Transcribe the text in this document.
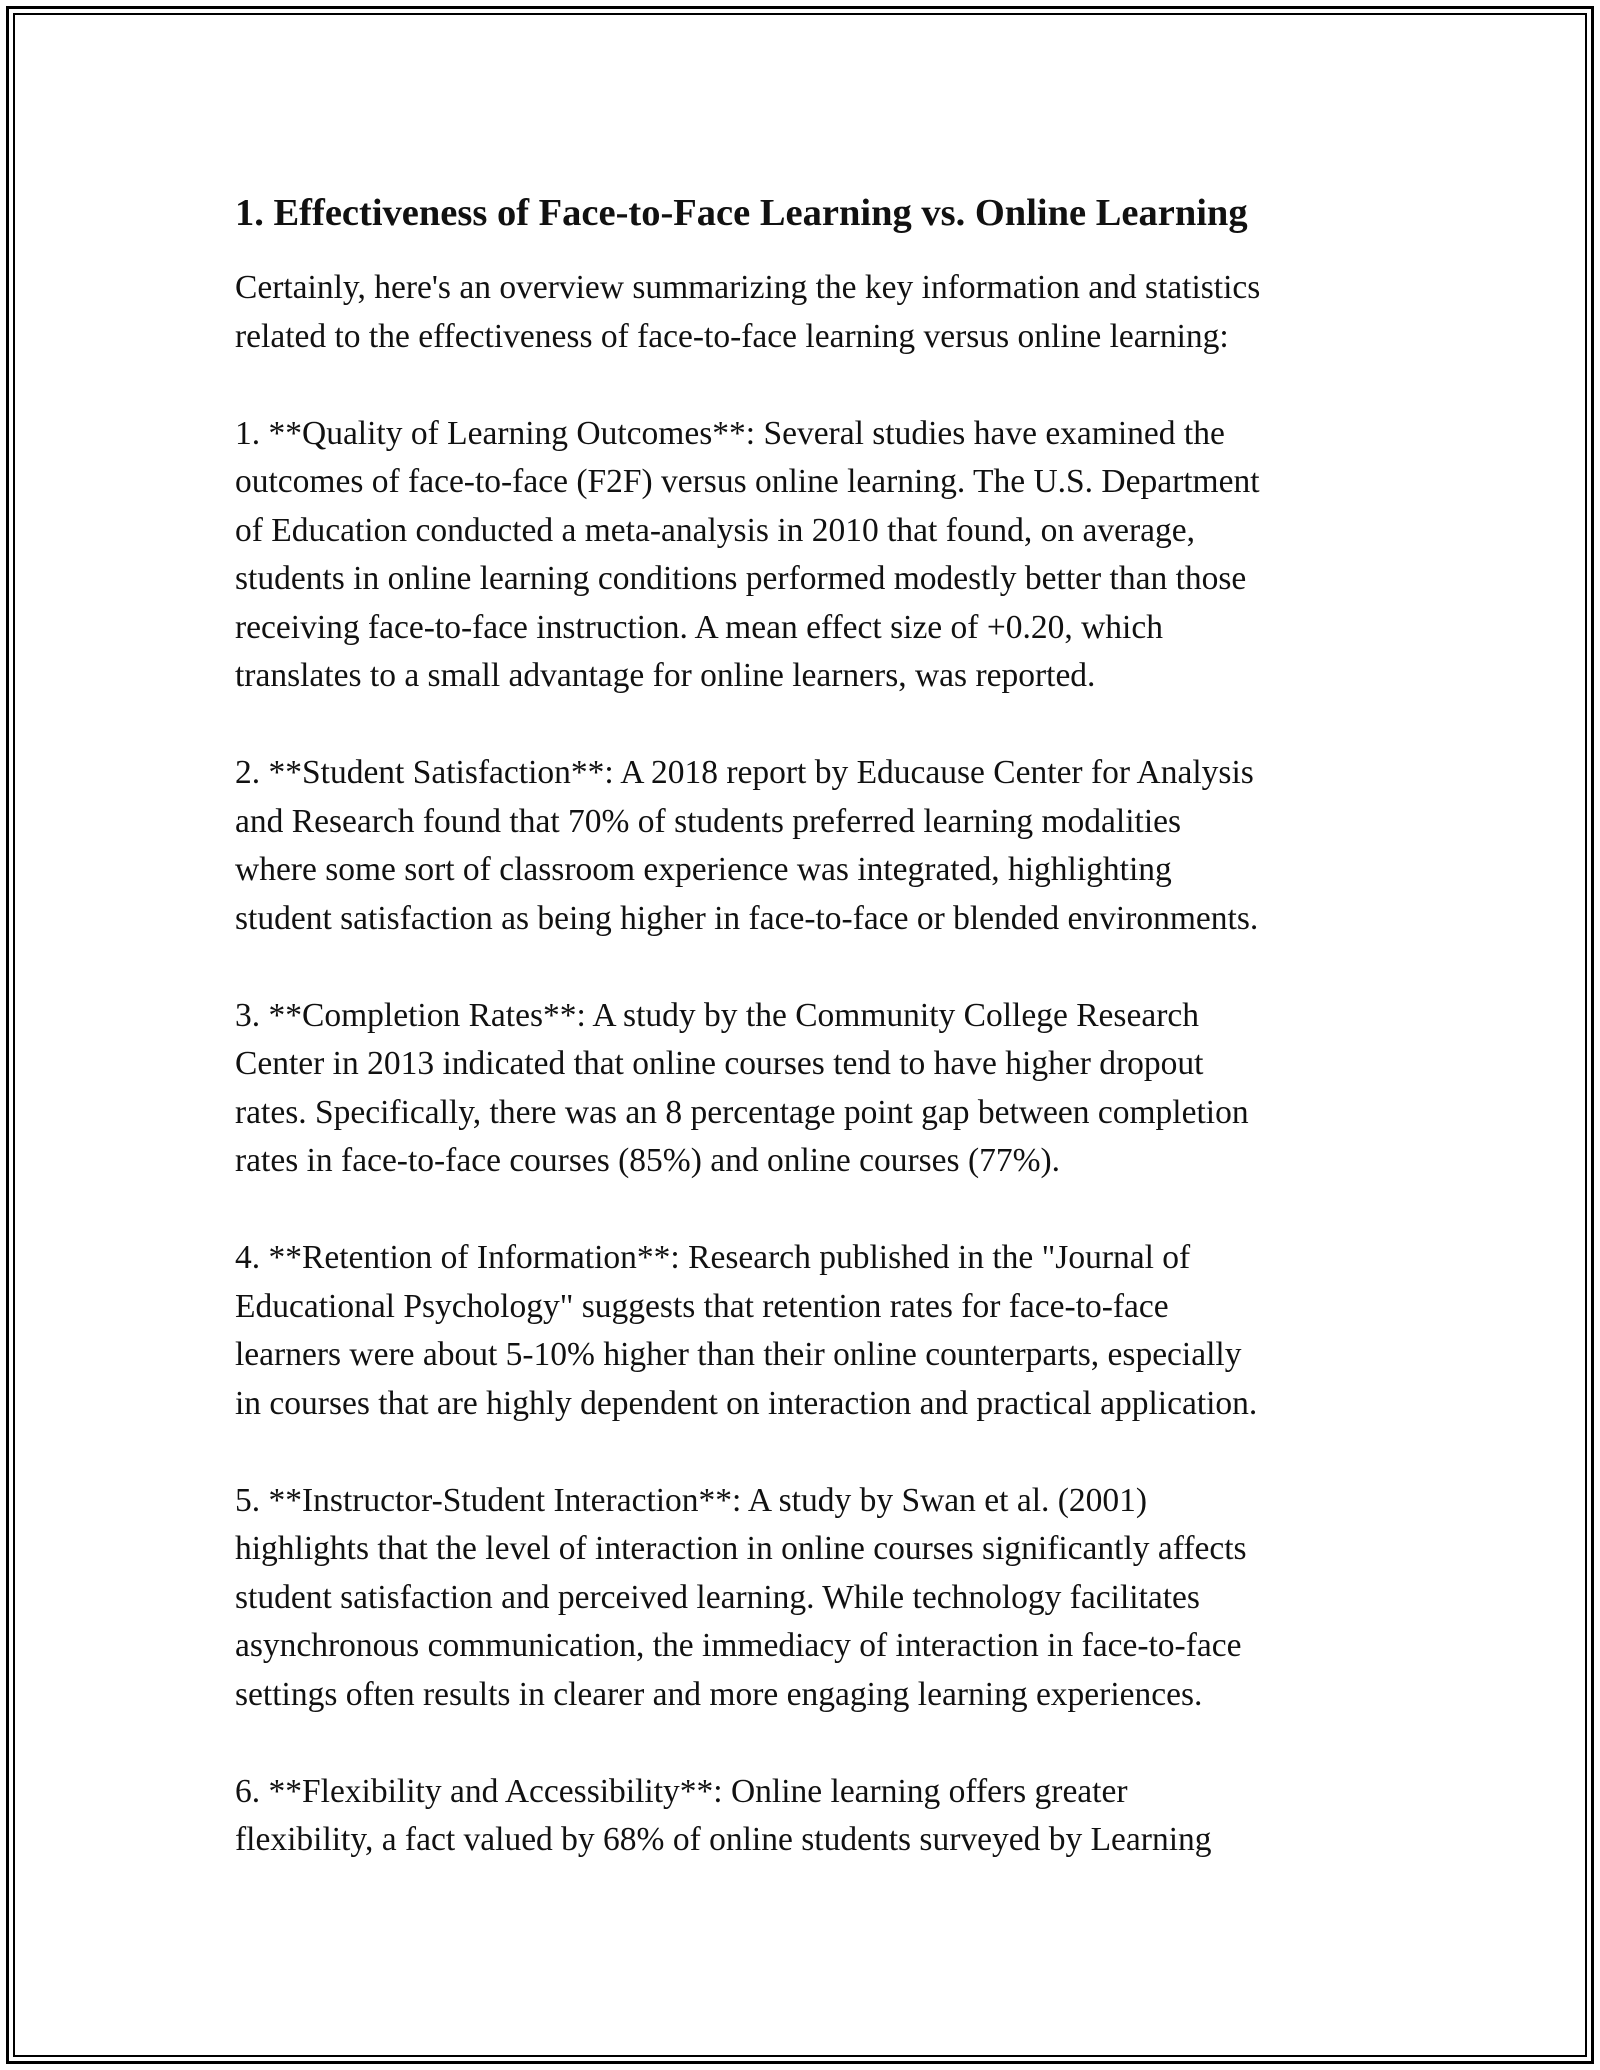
1. Effectiveness of Face-to-Face Learning vs. Online Learning

Certainly, here's an overview summarizing the key information and statistics
related to the effectiveness of face-to-face learning versus online learning:

1. **Quality of Learning Outcomes**: Several studies have examined the
outcomes of face-to-face (F2F) versus online learning. The U.S. Department
of Education conducted a meta-analysis in 2010 that found, on average,
students in online learning conditions performed modestly better than those
receiving face-to-face instruction. A mean effect size of +0.20, which
translates to a small advantage for online learners, was reported.

2. **Student Satisfaction**: A 2018 report by Educause Center for Analysis
and Research found that 70% of students preferred learning modalities
where some sort of classroom experience was integrated, highlighting
student satisfaction as being higher in face-to-face or blended environments.

3. **Completion Rates**: A study by the Community College Research
Center in 2013 indicated that online courses tend to have higher dropout
rates. Specifically, there was an 8 percentage point gap between completion
rates in face-to-face courses (85%) and online courses (77%).

4. **Retention of Information**: Research published in the "Journal of
Educational Psychology" suggests that retention rates for face-to-face
learners were about 5-10% higher than their online counterparts, especially
in courses that are highly dependent on interaction and practical application.

5. **Instructor-Student Interaction**: A study by Swan et al. (2001)
highlights that the level of interaction in online courses significantly affects
student satisfaction and perceived learning. While technology facilitates
asynchronous communication, the immediacy of interaction in face-to-face
settings often results in clearer and more engaging learning experiences.

6. **Flexibility and Accessibility**: Online learning offers greater
flexibility, a fact valued by 68% of online students surveyed by Learning
